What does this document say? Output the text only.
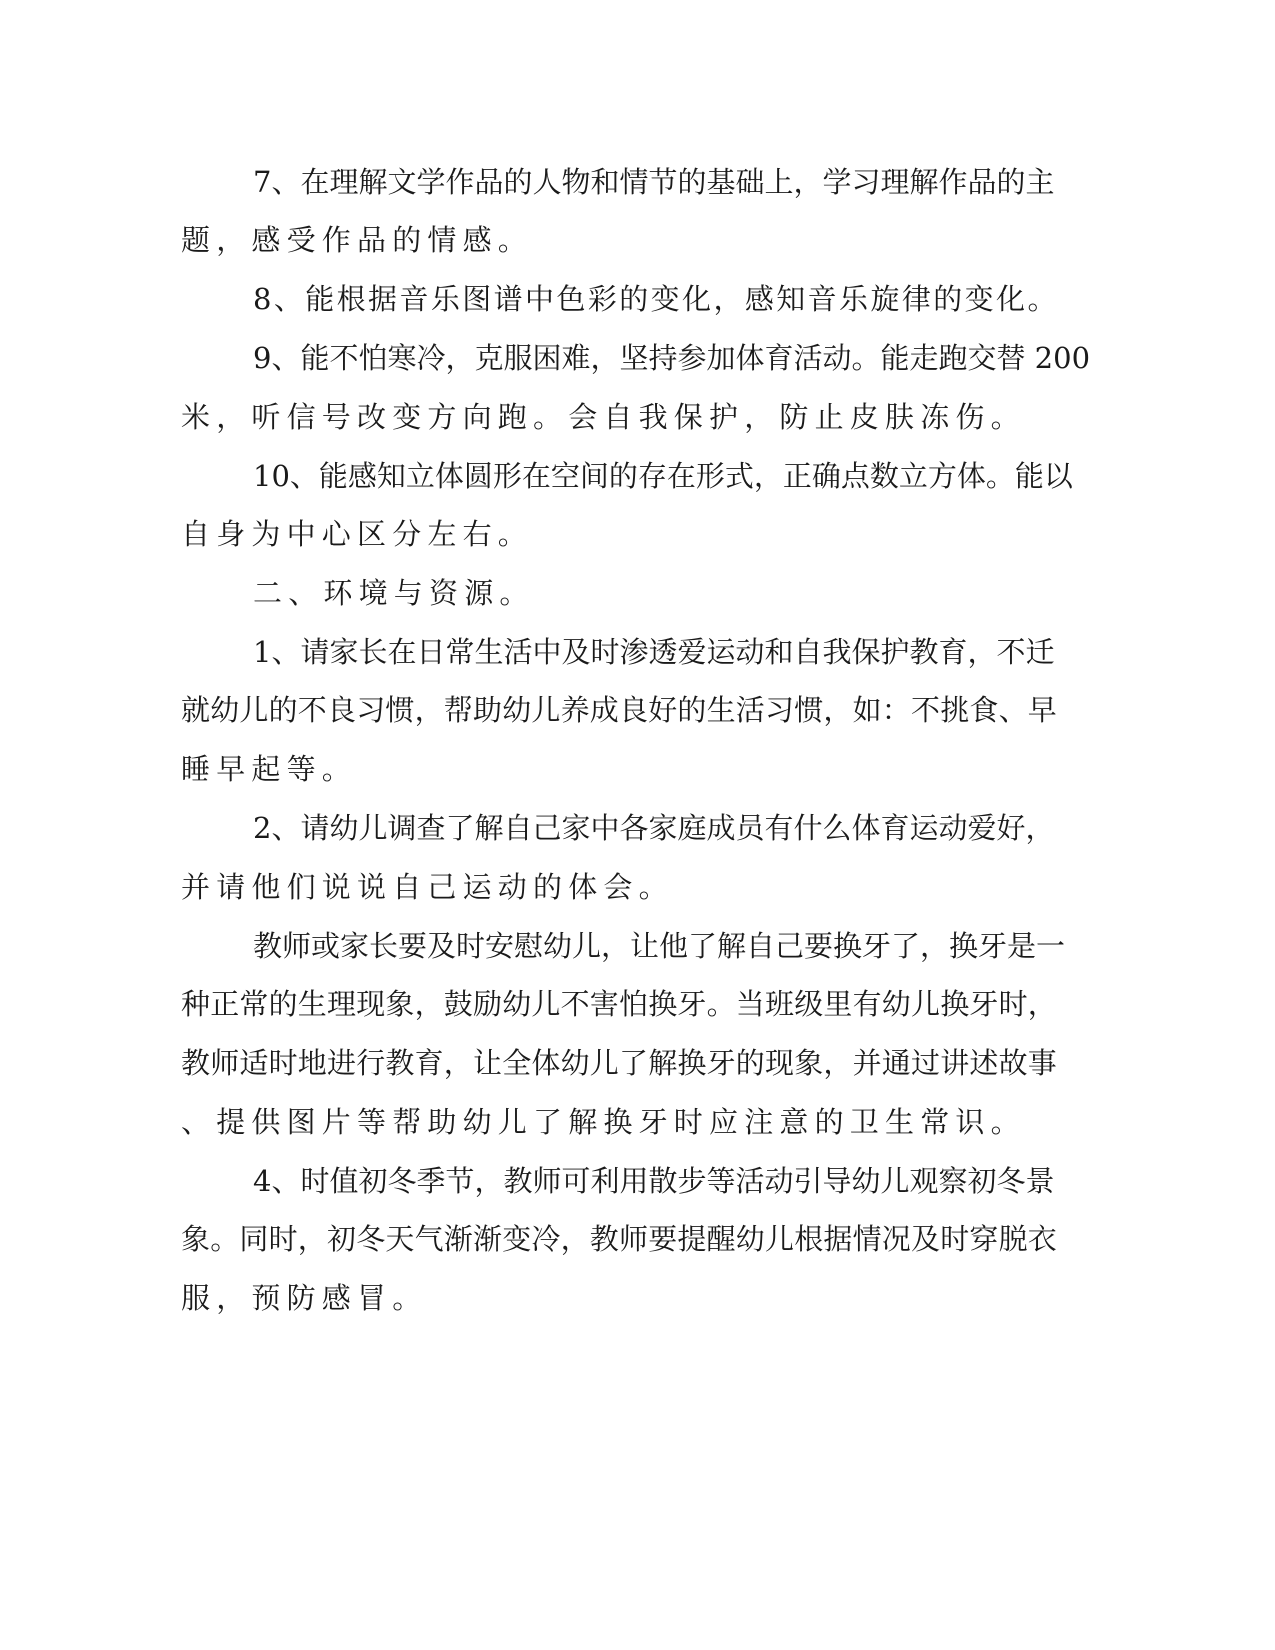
7、在理解文学作品的人物和情节的基础上，学习理解作品的主
题，感受作品的情感。
8、能根据音乐图谱中色彩的变化，感知音乐旋律的变化。
9、能不怕寒冷，克服困难，坚持参加体育活动。能走跑交替 200
米，听信号改变方向跑。会自我保护，防止皮肤冻伤。
10、能感知立体圆形在空间的存在形式，正确点数立方体。能以
自身为中心区分左右。
二、环境与资源。
1、请家长在日常生活中及时渗透爱运动和自我保护教育，不迁
就幼儿的不良习惯，帮助幼儿养成良好的生活习惯，如：不挑食、早
睡早起等。
2、请幼儿调查了解自己家中各家庭成员有什么体育运动爱好，
并请他们说说自己运动的体会。
教师或家长要及时安慰幼儿，让他了解自己要换牙了，换牙是一
种正常的生理现象，鼓励幼儿不害怕换牙。当班级里有幼儿换牙时，
教师适时地进行教育，让全体幼儿了解换牙的现象，并通过讲述故事
、提供图片等帮助幼儿了解换牙时应注意的卫生常识。
4、时值初冬季节，教师可利用散步等活动引导幼儿观察初冬景
象。同时，初冬天气渐渐变冷，教师要提醒幼儿根据情况及时穿脱衣
服，预防感冒。
